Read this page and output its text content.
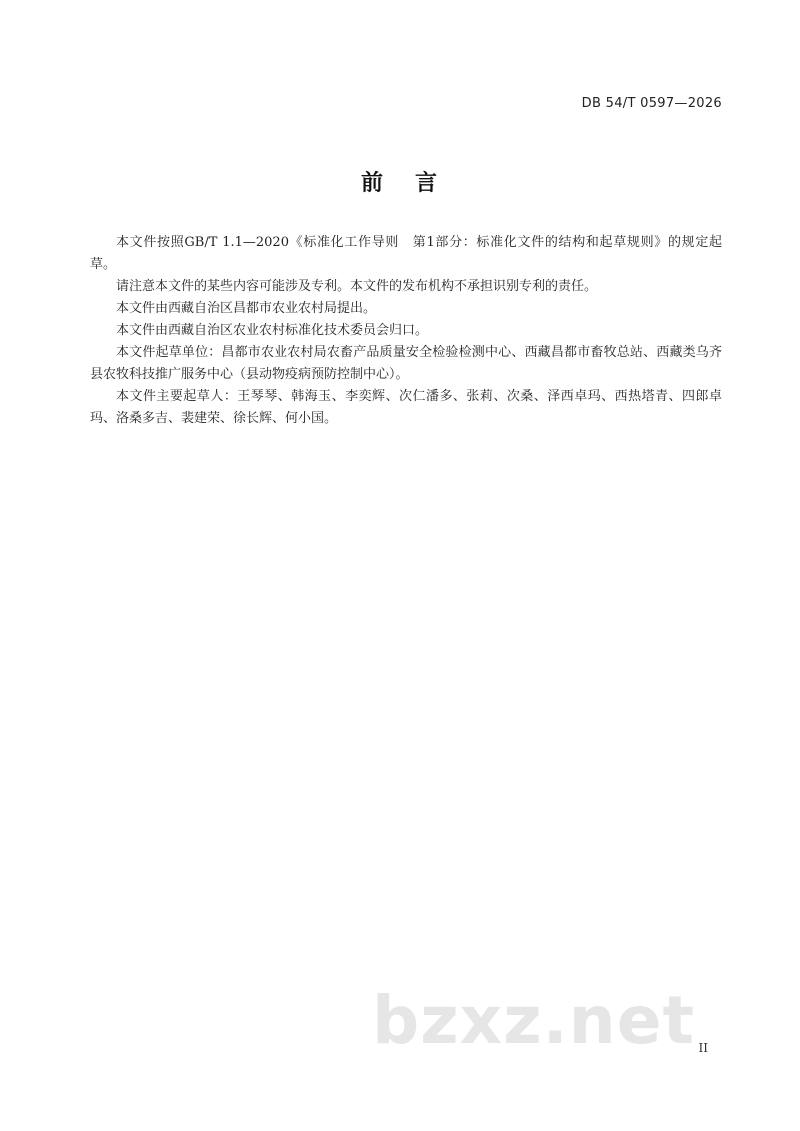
DB 54/T 0597—2026
前 言

本文件按照GB/T 1.1—2020《标准化工作导则　第1部分：标准化文件的结构和起草规则》的规定起草。

请注意本文件的某些内容可能涉及专利。本文件的发布机构不承担识别专利的责任。

本文件由西藏自治区昌都市农业农村局提出。

本文件由西藏自治区农业农村标准化技术委员会归口。

本文件起草单位：昌都市农业农村局农畜产品质量安全检验检测中心、西藏昌都市畜牧总站、西藏类乌齐县农牧科技推广服务中心（县动物疫病预防控制中心）。

本文件主要起草人：王琴琴、韩海玉、李奕辉、次仁潘多、张莉、次桑、泽西卓玛、西热塔青、四郎卓玛、洛桑多吉、裴建荣、徐长辉、何小国。

bzxz.net II
